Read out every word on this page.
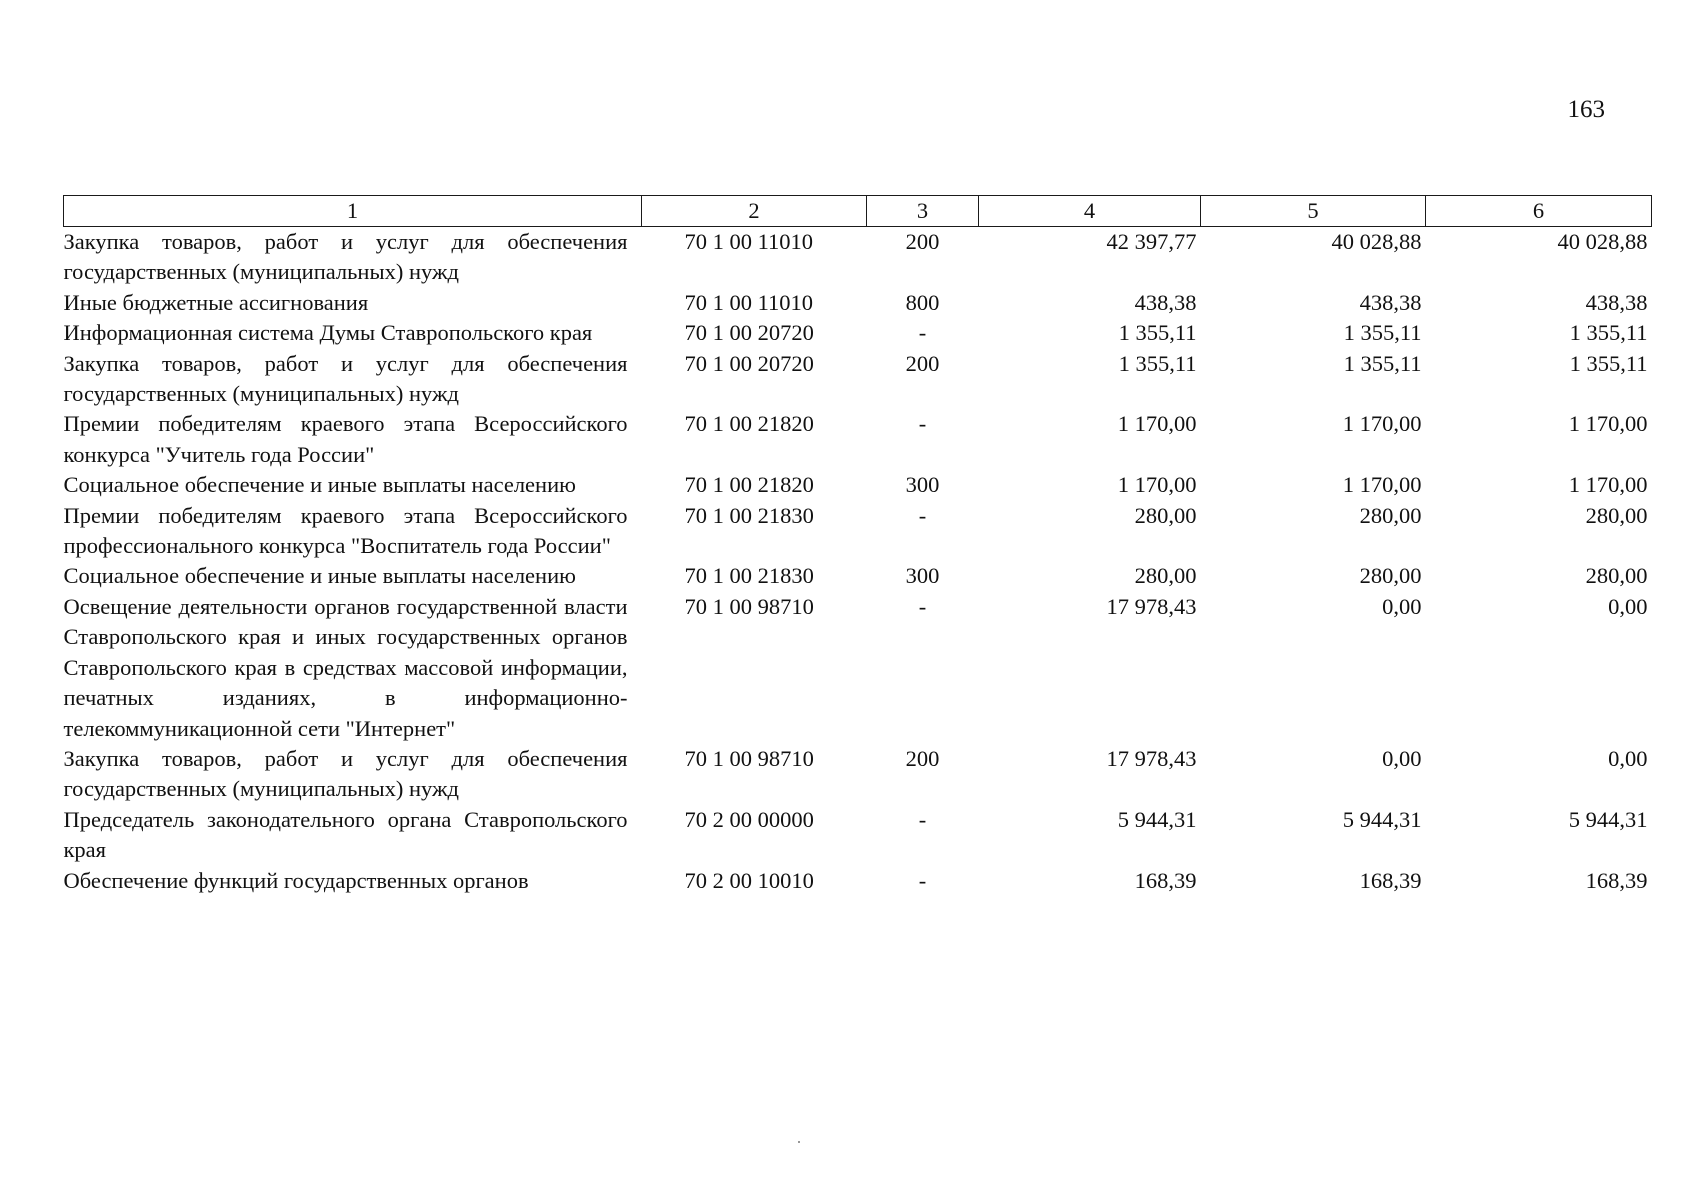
163
1	2	3	4	5	6
Закупка товаров, работ и услуг для обеспечения государственных (муниципальных) нужд	70 1 00 11010	200	42 397,77	40 028,88	40 028,88
Иные бюджетные ассигнования	70 1 00 11010	800	438,38	438,38	438,38
Информационная система Думы Ставропольского края	70 1 00 20720	-	1 355,11	1 355,11	1 355,11
Закупка товаров, работ и услуг для обеспечения государственных (муниципальных) нужд	70 1 00 20720	200	1 355,11	1 355,11	1 355,11
Премии победителям краевого этапа Всероссийского конкурса "Учитель года России"	70 1 00 21820	-	1 170,00	1 170,00	1 170,00
Социальное обеспечение и иные выплаты населению	70 1 00 21820	300	1 170,00	1 170,00	1 170,00
Премии победителям краевого этапа Всероссийского профессионального конкурса "Воспитатель года России"	70 1 00 21830	-	280,00	280,00	280,00
Социальное обеспечение и иные выплаты населению	70 1 00 21830	300	280,00	280,00	280,00
Освещение деятельности органов государственной власти Ставропольского края и иных государственных органов Ставропольского края в средствах массовой информации, печатных изданиях, в информационно-телекоммуникационной сети "Интернет"	70 1 00 98710	-	17 978,43	0,00	0,00
Закупка товаров, работ и услуг для обеспечения государственных (муниципальных) нужд	70 1 00 98710	200	17 978,43	0,00	0,00
Председатель законодательного органа Ставропольского края	70 2 00 00000	-	5 944,31	5 944,31	5 944,31
Обеспечение функций государственных органов	70 2 00 10010	-	168,39	168,39	168,39
